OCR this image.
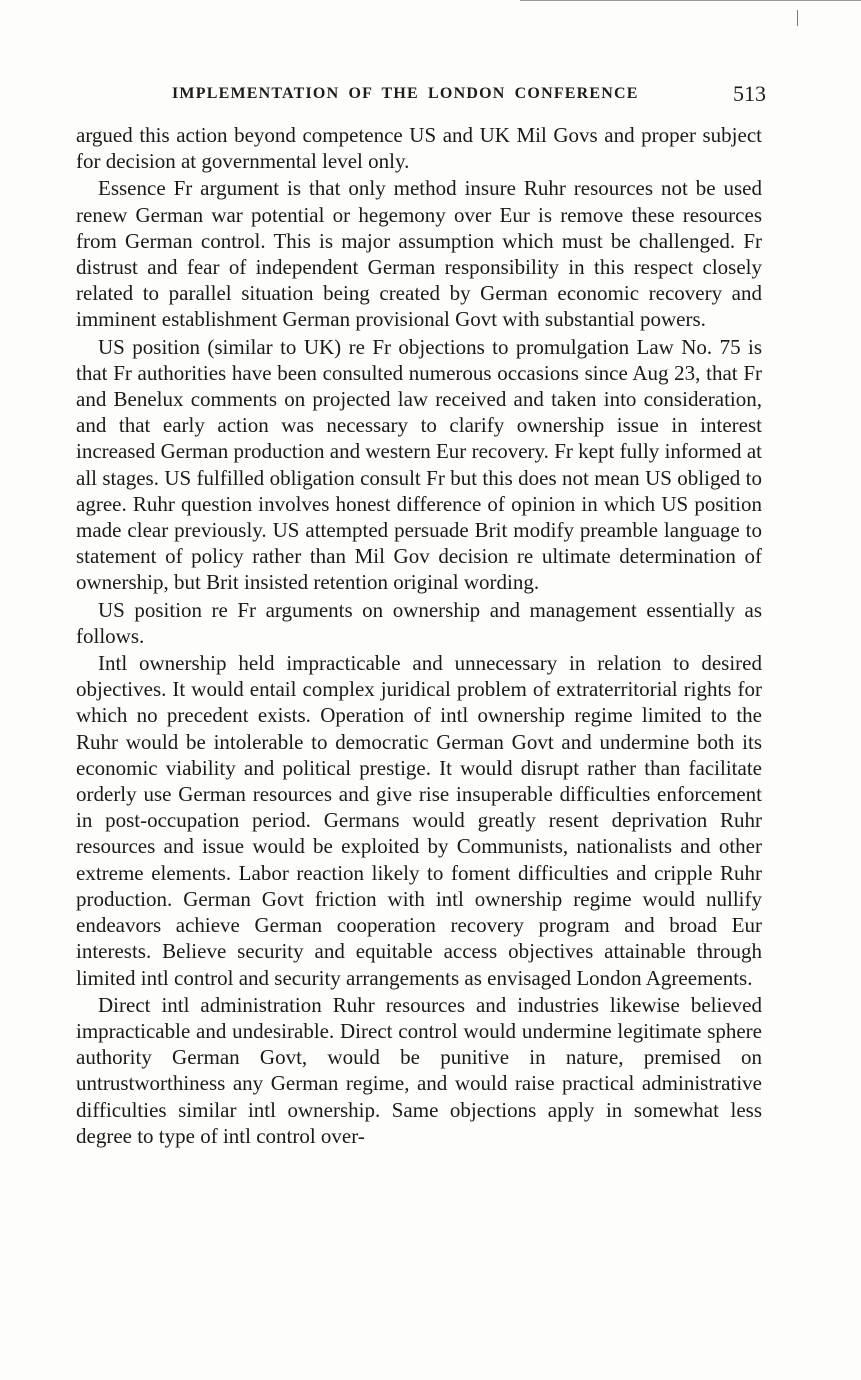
IMPLEMENTATION OF THE LONDON CONFERENCE	513

argued this action beyond competence US and UK Mil Govs and proper subject for decision at governmental level only.

Essence Fr argument is that only method insure Ruhr resources not be used renew German war potential or hegemony over Eur is remove these resources from German control. This is major assumption which must be challenged. Fr distrust and fear of independent German responsibility in this respect closely related to parallel situation being created by German economic recovery and imminent establishment German provisional Govt with substantial powers.

US position (similar to UK) re Fr objections to promulgation Law No. 75 is that Fr authorities have been consulted numerous occasions since Aug 23, that Fr and Benelux comments on projected law received and taken into consideration, and that early action was necessary to clarify ownership issue in interest increased German production and western Eur recovery. Fr kept fully informed at all stages. US fulfilled obligation consult Fr but this does not mean US obliged to agree. Ruhr question involves honest difference of opinion in which US position made clear previously. US attempted persuade Brit modify preamble language to statement of policy rather than Mil Gov decision re ultimate determination of ownership, but Brit insisted retention original wording.

US position re Fr arguments on ownership and management essentially as follows.

Intl ownership held impracticable and unnecessary in relation to desired objectives. It would entail complex juridical problem of extraterritorial rights for which no precedent exists. Operation of intl ownership regime limited to the Ruhr would be intolerable to democratic German Govt and undermine both its economic viability and political prestige. It would disrupt rather than facilitate orderly use German resources and give rise insuperable difficulties enforcement in post-occupation period. Germans would greatly resent deprivation Ruhr resources and issue would be exploited by Communists, nationalists and other extreme elements. Labor reaction likely to foment difficulties and cripple Ruhr production. German Govt friction with intl ownership regime would nullify endeavors achieve German cooperation recovery program and broad Eur interests. Believe security and equitable access objectives attainable through limited intl control and security arrangements as envisaged London Agreements.

Direct intl administration Ruhr resources and industries likewise believed impracticable and undesirable. Direct control would undermine legitimate sphere authority German Govt, would be punitive in nature, premised on untrustworthiness any German regime, and would raise practical administrative difficulties similar intl ownership. Same objections apply in somewhat less degree to type of intl control over-
